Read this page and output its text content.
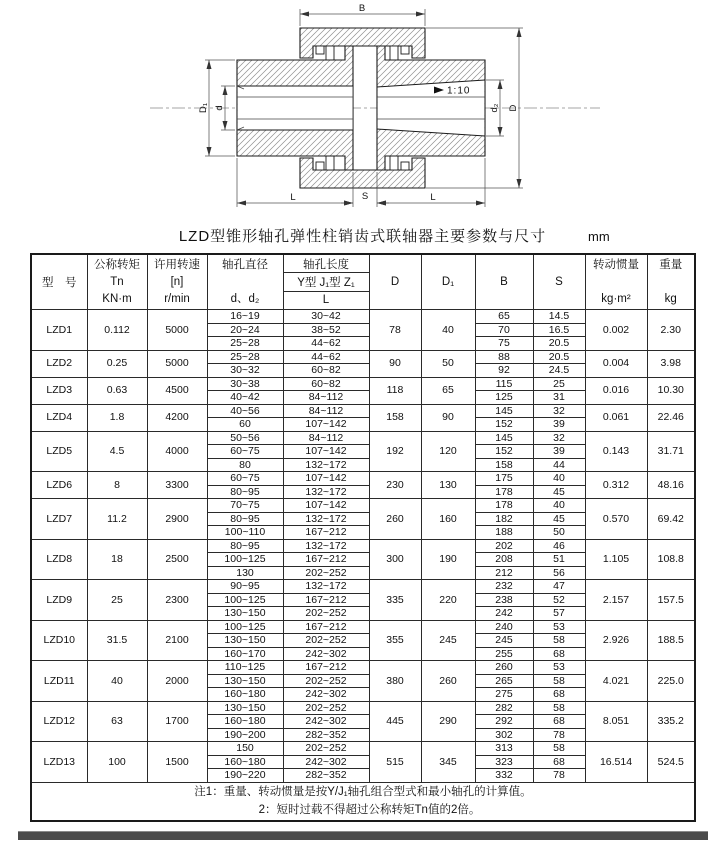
1:10
B
D₁ d	d₂ D
L	S	L
LZD型锥形轴孔弹性柱销齿式联轴器主要参数与尺寸	mm
型　号

公称转矩
Tn
KN·m

许用转速
[n]
r/min

轴孔直径
d、d₂

轴孔长度
Y型 J₁型 Z₁
L

D	D₁	B	S

转动惯量
kg·m²

重量
kg

LZD1	0.112	5000	16~19	30~42	78	40	65	14.5	0.002	2.30
			20~24	38~52			70	16.5		
			25~28	44~62			75	20.5		
LZD2	0.25	5000	25~28	44~62	90	50	88	20.5	0.004	3.98
			30~32	60~82			92	24.5		
LZD3	0.63	4500	30~38	60~82	118	65	115	25	0.016	10.30
			40~42	84~112			125	31		
LZD4	1.8	4200	40~56	84~112	158	90	145	32	0.061	22.46
			60	107~142			152	39		
LZD5	4.5	4000	50~56	84~112	192	120	145	32	0.143	31.71
			60~75	107~142			152	39		
			80	132~172			158	44		
LZD6	8	3300	60~75	107~142	230	130	175	40	0.312	48.16
			80~95	132~172			178	45		
LZD7	11.2	2900	70~75	107~142	260	160	178	40	0.570	69.42
			80~95	132~172			182	45		
			100~110	167~212			188	50		
LZD8	18	2500	80~95	132~172	300	190	202	46	1.105	108.8
			100~125	167~212			208	51		
			130	202~252			212	56		
LZD9	25	2300	90~95	132~172	335	220	232	47	2.157	157.5
			100~125	167~212			238	52		
			130~150	202~252			242	57		
LZD10	31.5	2100	100~125	167~212	355	245	240	53	2.926	188.5
			130~150	202~252			245	58		
			160~170	242~302			255	68		
LZD11	40	2000	110~125	167~212	380	260	260	53	4.021	225.0
			130~150	202~252			265	58		
			160~180	242~302			275	68		
LZD12	63	1700	130~150	202~252	445	290	282	58	8.051	335.2
			160~180	242~302			292	68		
			190~200	282~352			302	78		
LZD13	100	1500	150	202~252	515	345	313	58	16.514	524.5
			160~180	242~302			323	68		
			190~220	282~352			332	78		

注1：重量、转动惯量是按Y/J₁轴孔组合型式和最小轴孔的计算值。
2：短时过载不得超过公称转矩Tn值的2倍。										
